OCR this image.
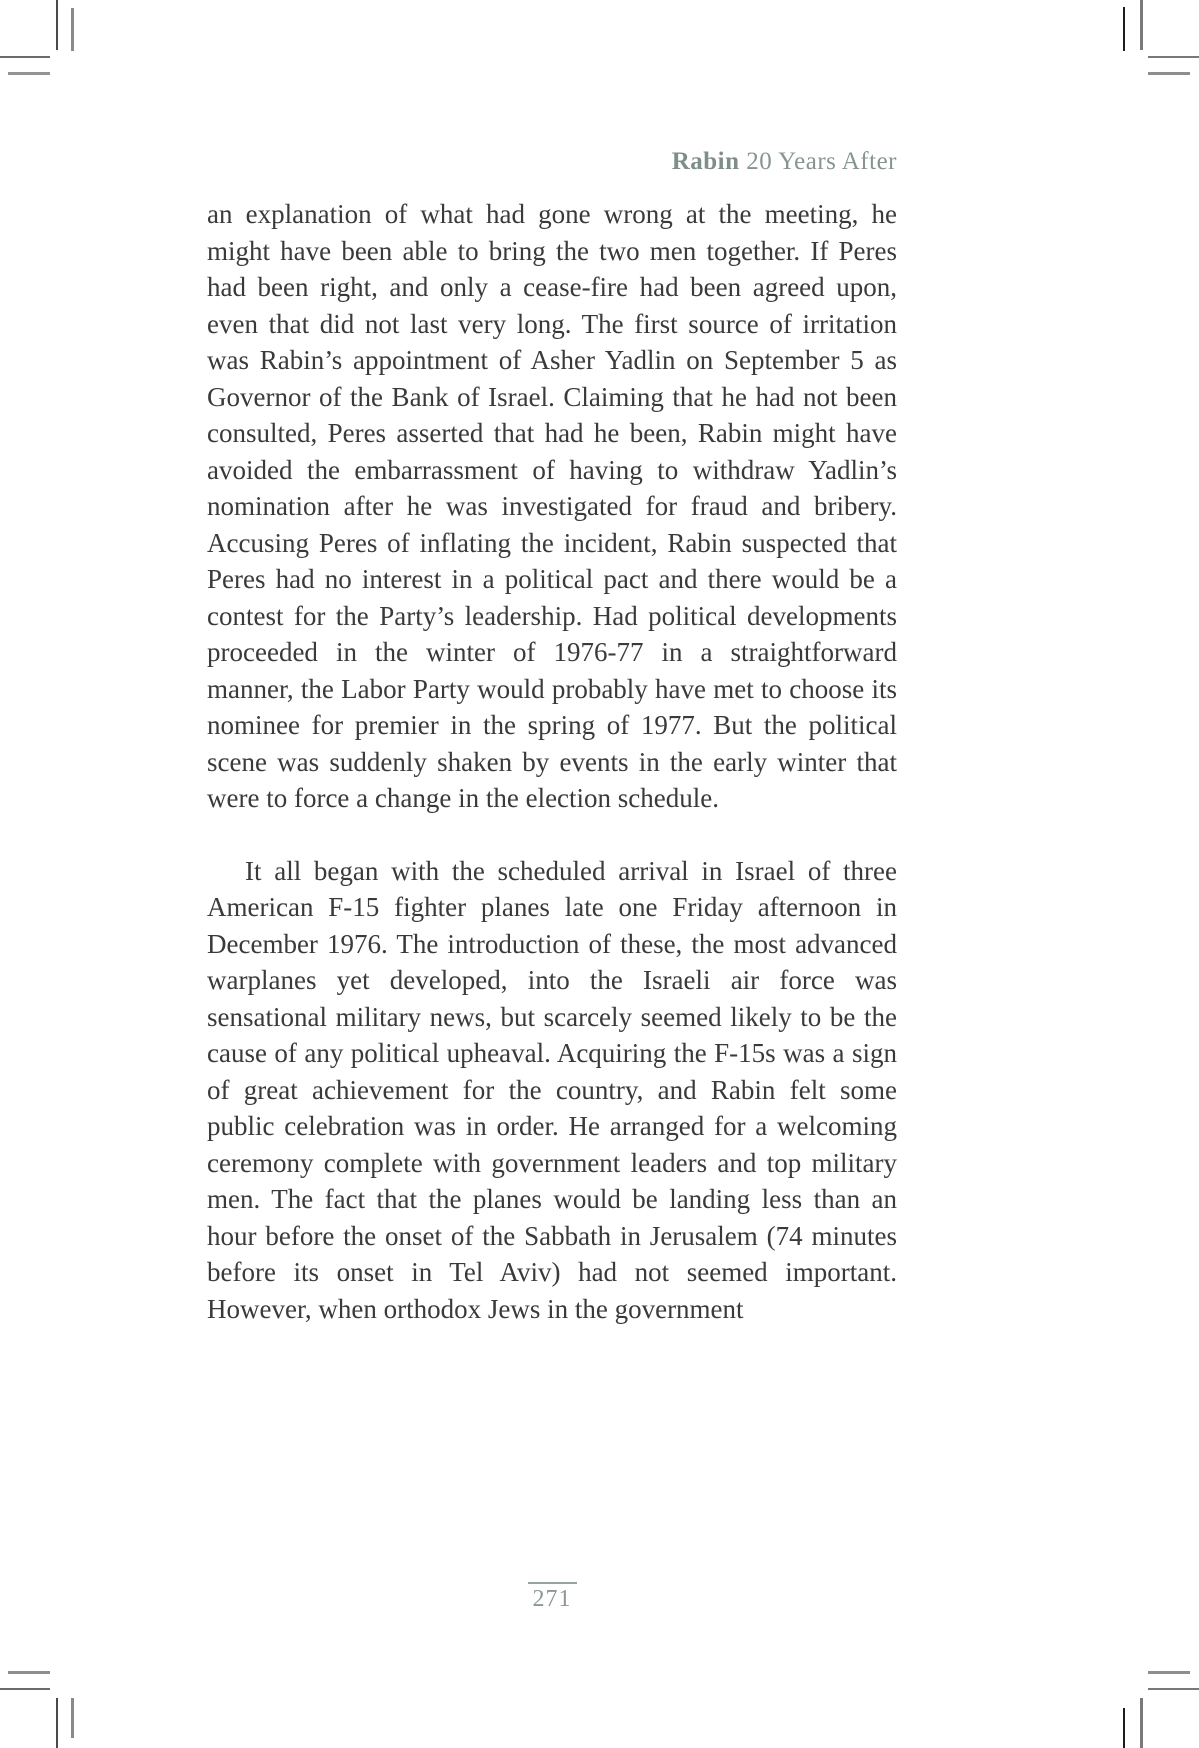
Rabin 20 Years After

an explanation of what had gone wrong at the meeting, he might have been able to bring the two men together. If Peres had been right, and only a cease-fire had been agreed upon, even that did not last very long. The first source of irritation was Rabin’s appointment of Asher Yadlin on September 5 as Governor of the Bank of Israel. Claiming that he had not been consulted, Peres asserted that had he been, Rabin might have avoided the embarrassment of having to withdraw Yadlin’s nomination after he was investigated for fraud and bribery. Accusing Peres of inflating the incident, Rabin suspected that Peres had no interest in a political pact and there would be a contest for the Party’s leadership. Had political developments proceeded in the winter of 1976-77 in a straightforward manner, the Labor Party would probably have met to choose its nominee for premier in the spring of 1977. But the political scene was suddenly shaken by events in the early winter that were to force a change in the election schedule.

It all began with the scheduled arrival in Israel of three American F-15 fighter planes late one Friday afternoon in December 1976. The introduction of these, the most advanced warplanes yet developed, into the Israeli air force was sensational military news, but scarcely seemed likely to be the cause of any political upheaval. Acquiring the F-15s was a sign of great achievement for the country, and Rabin felt some public celebration was in order. He arranged for a welcoming ceremony complete with government leaders and top military men. The fact that the planes would be landing less than an hour before the onset of the Sabbath in Jerusalem (74 minutes before its onset in Tel Aviv) had not seemed important. However, when orthodox Jews in the government

271
